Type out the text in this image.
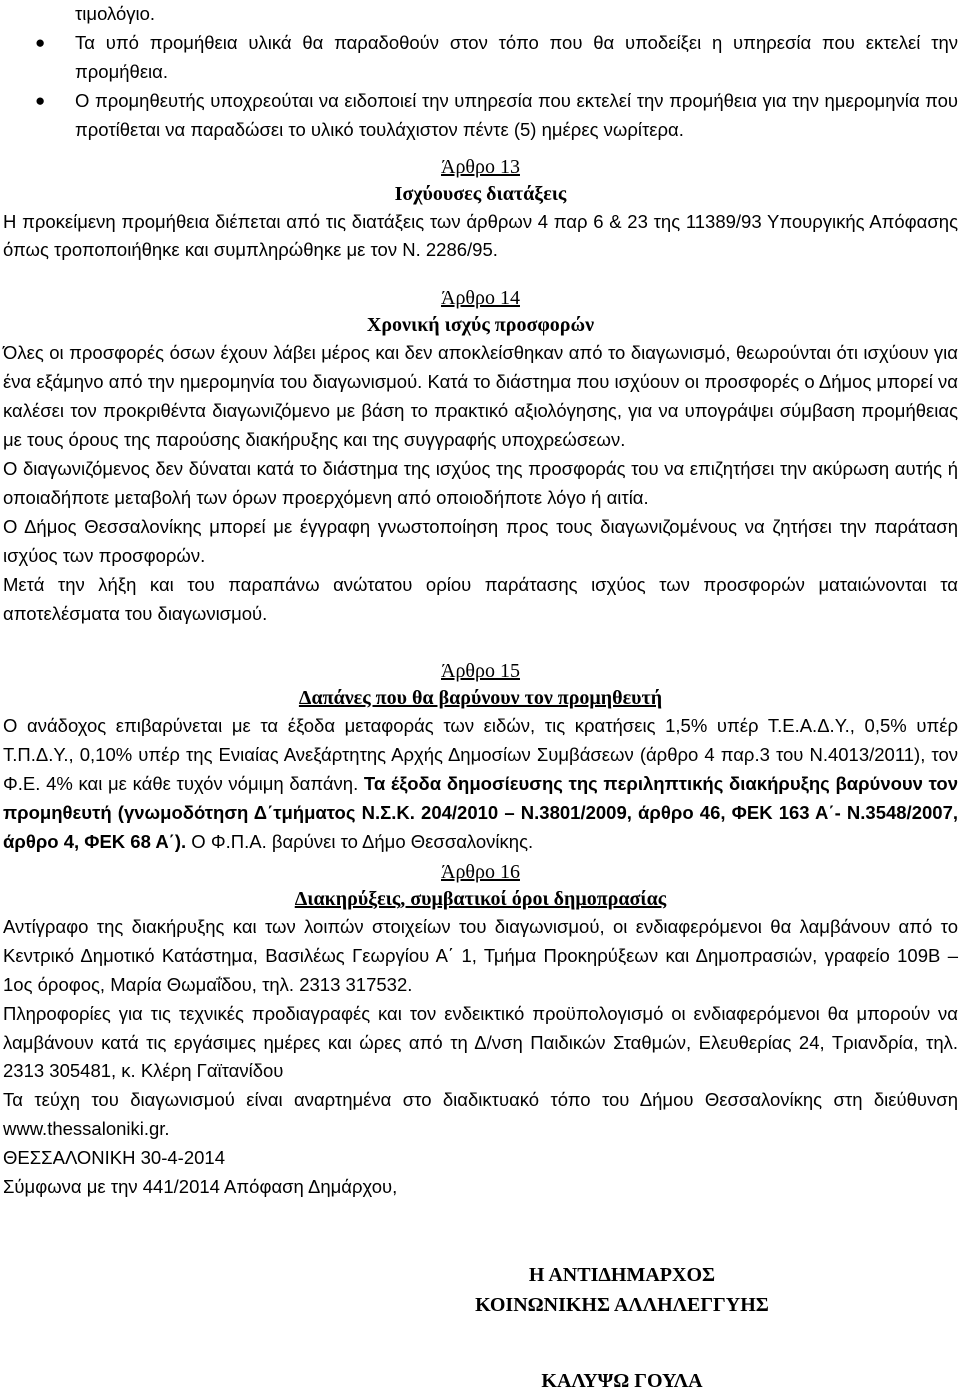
τιμολόγιο.

● Τα υπό προμήθεια υλικά θα παραδοθούν στον τόπο που θα υποδείξει η υπηρεσία που εκτελεί την προμήθεια.
● Ο προμηθευτής υποχρεούται να ειδοποιεί την υπηρεσία που εκτελεί την προμήθεια για την ημερομηνία που προτίθεται να παραδώσει το υλικό τουλάχιστον πέντε (5) ημέρες νωρίτερα.
Άρθρο 13
Ισχύουσες διατάξεις

Η προκείμενη προμήθεια διέπεται από τις διατάξεις των άρθρων 4 παρ 6 & 23 της 11389/93 Υπουργικής Απόφασης όπως τροποποιήθηκε και συμπληρώθηκε με τον Ν. 2286/95.

Άρθρο 14
Χρονική ισχύς προσφορών

Όλες οι προσφορές όσων έχουν λάβει μέρος και δεν αποκλείσθηκαν από το διαγωνισμό, θεωρούνται ότι ισχύουν για ένα εξάμηνο από την ημερομηνία του διαγωνισμού. Κατά το διάστημα που ισχύουν οι προσφορές ο Δήμος μπορεί να καλέσει τον προκριθέντα διαγωνιζόμενο με βάση το πρακτικό αξιολόγησης, για να υπογράψει σύμβαση προμήθειας με τους όρους της παρούσης διακήρυξης και της συγγραφής υποχρεώσεων.

Ο διαγωνιζόμενος δεν δύναται κατά το διάστημα της ισχύος της προσφοράς του να επιζητήσει την ακύρωση αυτής ή οποιαδήποτε μεταβολή των όρων προερχόμενη από οποιοδήποτε λόγο ή αιτία.

Ο Δήμος Θεσσαλονίκης μπορεί με έγγραφη γνωστοποίηση προς τους διαγωνιζομένους να ζητήσει την παράταση ισχύος των προσφορών.

Μετά την λήξη και του παραπάνω ανώτατου ορίου παράτασης ισχύος των προσφορών ματαιώνονται τα αποτελέσματα του διαγωνισμού.

Άρθρο 15
Δαπάνες που θα βαρύνουν τον προμηθευτή

Ο ανάδοχος επιβαρύνεται με τα έξοδα μεταφοράς των ειδών, τις κρατήσεις 1,5% υπέρ Τ.Ε.Α.Δ.Υ., 0,5% υπέρ Τ.Π.Δ.Υ., 0,10% υπέρ της Ενιαίας Ανεξάρτητης Αρχής Δημοσίων Συμβάσεων (άρθρο 4 παρ.3 του Ν.4013/2011), τον Φ.Ε. 4% και με κάθε τυχόν νόμιμη δαπάνη. Τα έξοδα δημοσίευσης της περιληπτικής διακήρυξης βαρύνουν τον προμηθευτή (γνωμοδότηση Δ΄τμήματος Ν.Σ.Κ. 204/2010 – Ν.3801/2009, άρθρο 46, ΦΕΚ 163 Α΄- Ν.3548/2007, άρθρο 4, ΦΕΚ 68 Α΄). Ο Φ.Π.Α. βαρύνει το Δήμο Θεσσαλονίκης.

Άρθρο 16
Διακηρύξεις, συμβατικοί όροι δημοπρασίας

Αντίγραφο της διακήρυξης και των λοιπών στοιχείων του διαγωνισμού, οι ενδιαφερόμενοι θα λαμβάνουν από το Κεντρικό Δημοτικό Κατάστημα, Βασιλέως Γεωργίου Α΄ 1, Τμήμα Προκηρύξεων και Δημοπρασιών, γραφείο 109Β – 1ος όροφος, Μαρία Θωμαΐδου, τηλ. 2313 317532.

Πληροφορίες για τις τεχνικές προδιαγραφές και τον ενδεικτικό προϋπολογισμό οι ενδιαφερόμενοι θα μπορούν να λαμβάνουν κατά τις εργάσιμες ημέρες και ώρες από τη Δ/νση Παιδικών Σταθμών, Ελευθερίας 24, Τριανδρία, τηλ. 2313 305481, κ. Κλέρη Γαϊτανίδου

Τα τεύχη του διαγωνισμού είναι αναρτημένα στο διαδικτυακό τόπο του Δήμου Θεσσαλονίκης στη διεύθυνση www.thessaloniki.gr.

ΘΕΣΣΑΛΟΝΙΚΗ 30-4-2014

Σύμφωνα με την 441/2014 Απόφαση Δημάρχου,

Η ΑΝΤΙΔΗΜΑΡΧΟΣ
ΚΟΙΝΩΝΙΚΗΣ ΑΛΛΗΛΕΓΓΥΗΣ
ΚΑΛΥΨΩ ΓΟΥΛΑ
